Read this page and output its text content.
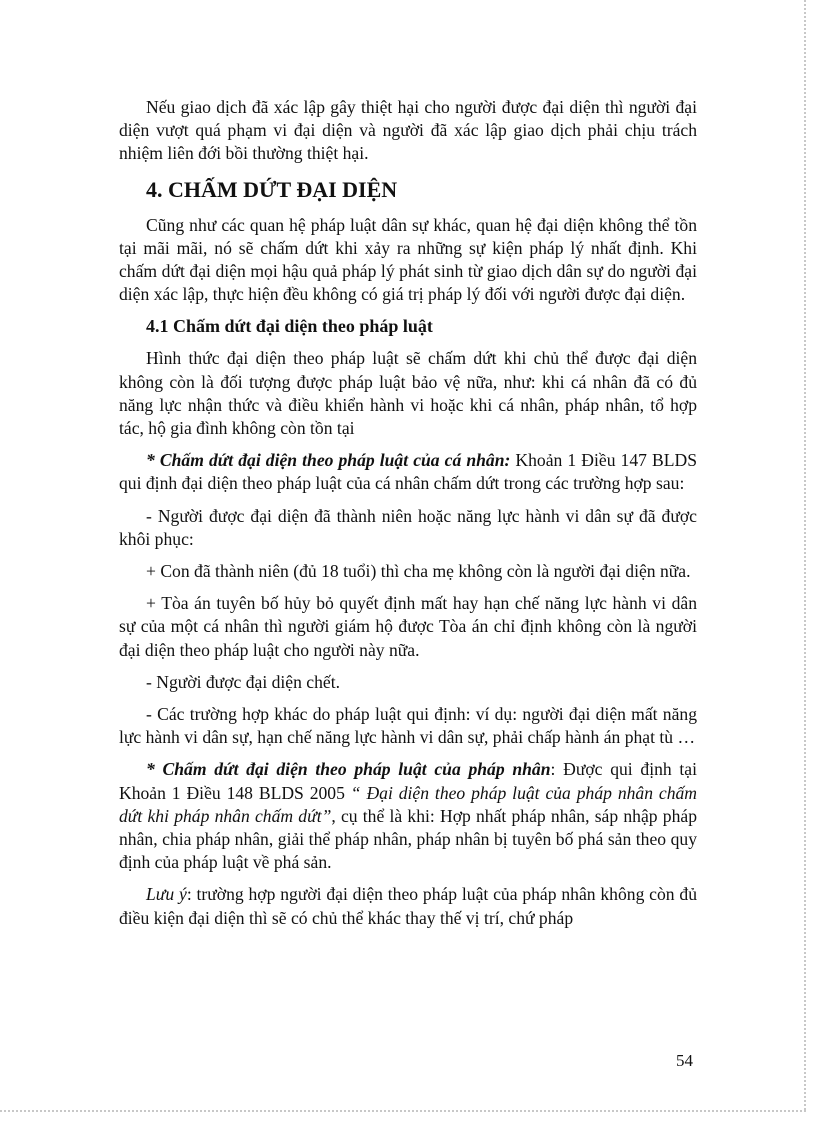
Nếu giao dịch đã xác lập gây thiệt hại cho người được đại diện thì người đại diện vượt quá phạm vi đại diện và người đã xác lập giao dịch phải chịu trách nhiệm liên đới bồi thường thiệt hại.

4. CHẤM DỨT ĐẠI DIỆN

Cũng như các quan hệ pháp luật dân sự khác, quan hệ đại diện không thể tồn tại mãi mãi, nó sẽ chấm dứt khi xảy ra những sự kiện pháp lý nhất định. Khi chấm dứt đại diện mọi hậu quả pháp lý phát sinh từ giao dịch dân sự do người đại diện xác lập, thực hiện đều không có giá trị pháp lý đối với người được đại diện.

4.1 Chấm dứt đại diện theo pháp luật

Hình thức đại diện theo pháp luật sẽ chấm dứt khi chủ thể được đại diện không còn là đối tượng được pháp luật bảo vệ nữa, như: khi cá nhân đã có đủ năng lực nhận thức và điều khiển hành vi hoặc khi cá nhân, pháp nhân, tổ hợp tác, hộ gia đình không còn tồn tại

* Chấm dứt đại diện theo pháp luật của cá nhân: Khoản 1 Điều 147 BLDS qui định đại diện theo pháp luật của cá nhân chấm dứt trong các trường hợp sau:

- Người được đại diện đã thành niên hoặc năng lực hành vi dân sự đã được khôi phục:

+ Con đã thành niên (đủ 18 tuổi) thì cha mẹ không còn là người đại diện nữa.

+ Tòa án tuyên bố hủy bỏ quyết định mất hay hạn chế năng lực hành vi dân sự của một cá nhân thì người giám hộ được Tòa án chỉ định không còn là người đại diện theo pháp luật cho người này nữa.

- Người được đại diện chết.

- Các trường hợp khác do pháp luật qui định: ví dụ: người đại diện mất năng lực hành vi dân sự, hạn chế năng lực hành vi dân sự, phải chấp hành án phạt tù …

* Chấm dứt đại diện theo pháp luật của pháp nhân: Được qui định tại Khoản 1 Điều 148 BLDS 2005 “ Đại diện theo pháp luật của pháp nhân chấm dứt khi pháp nhân chấm dứt”, cụ thể là khi: Hợp nhất pháp nhân, sáp nhập pháp nhân, chia pháp nhân, giải thể pháp nhân, pháp nhân bị tuyên bố phá sản theo quy định của pháp luật về phá sản.

Lưu ý: trường hợp người đại diện theo pháp luật của pháp nhân không còn đủ điều kiện đại diện thì sẽ có chủ thể khác thay thế vị trí, chứ pháp

54
